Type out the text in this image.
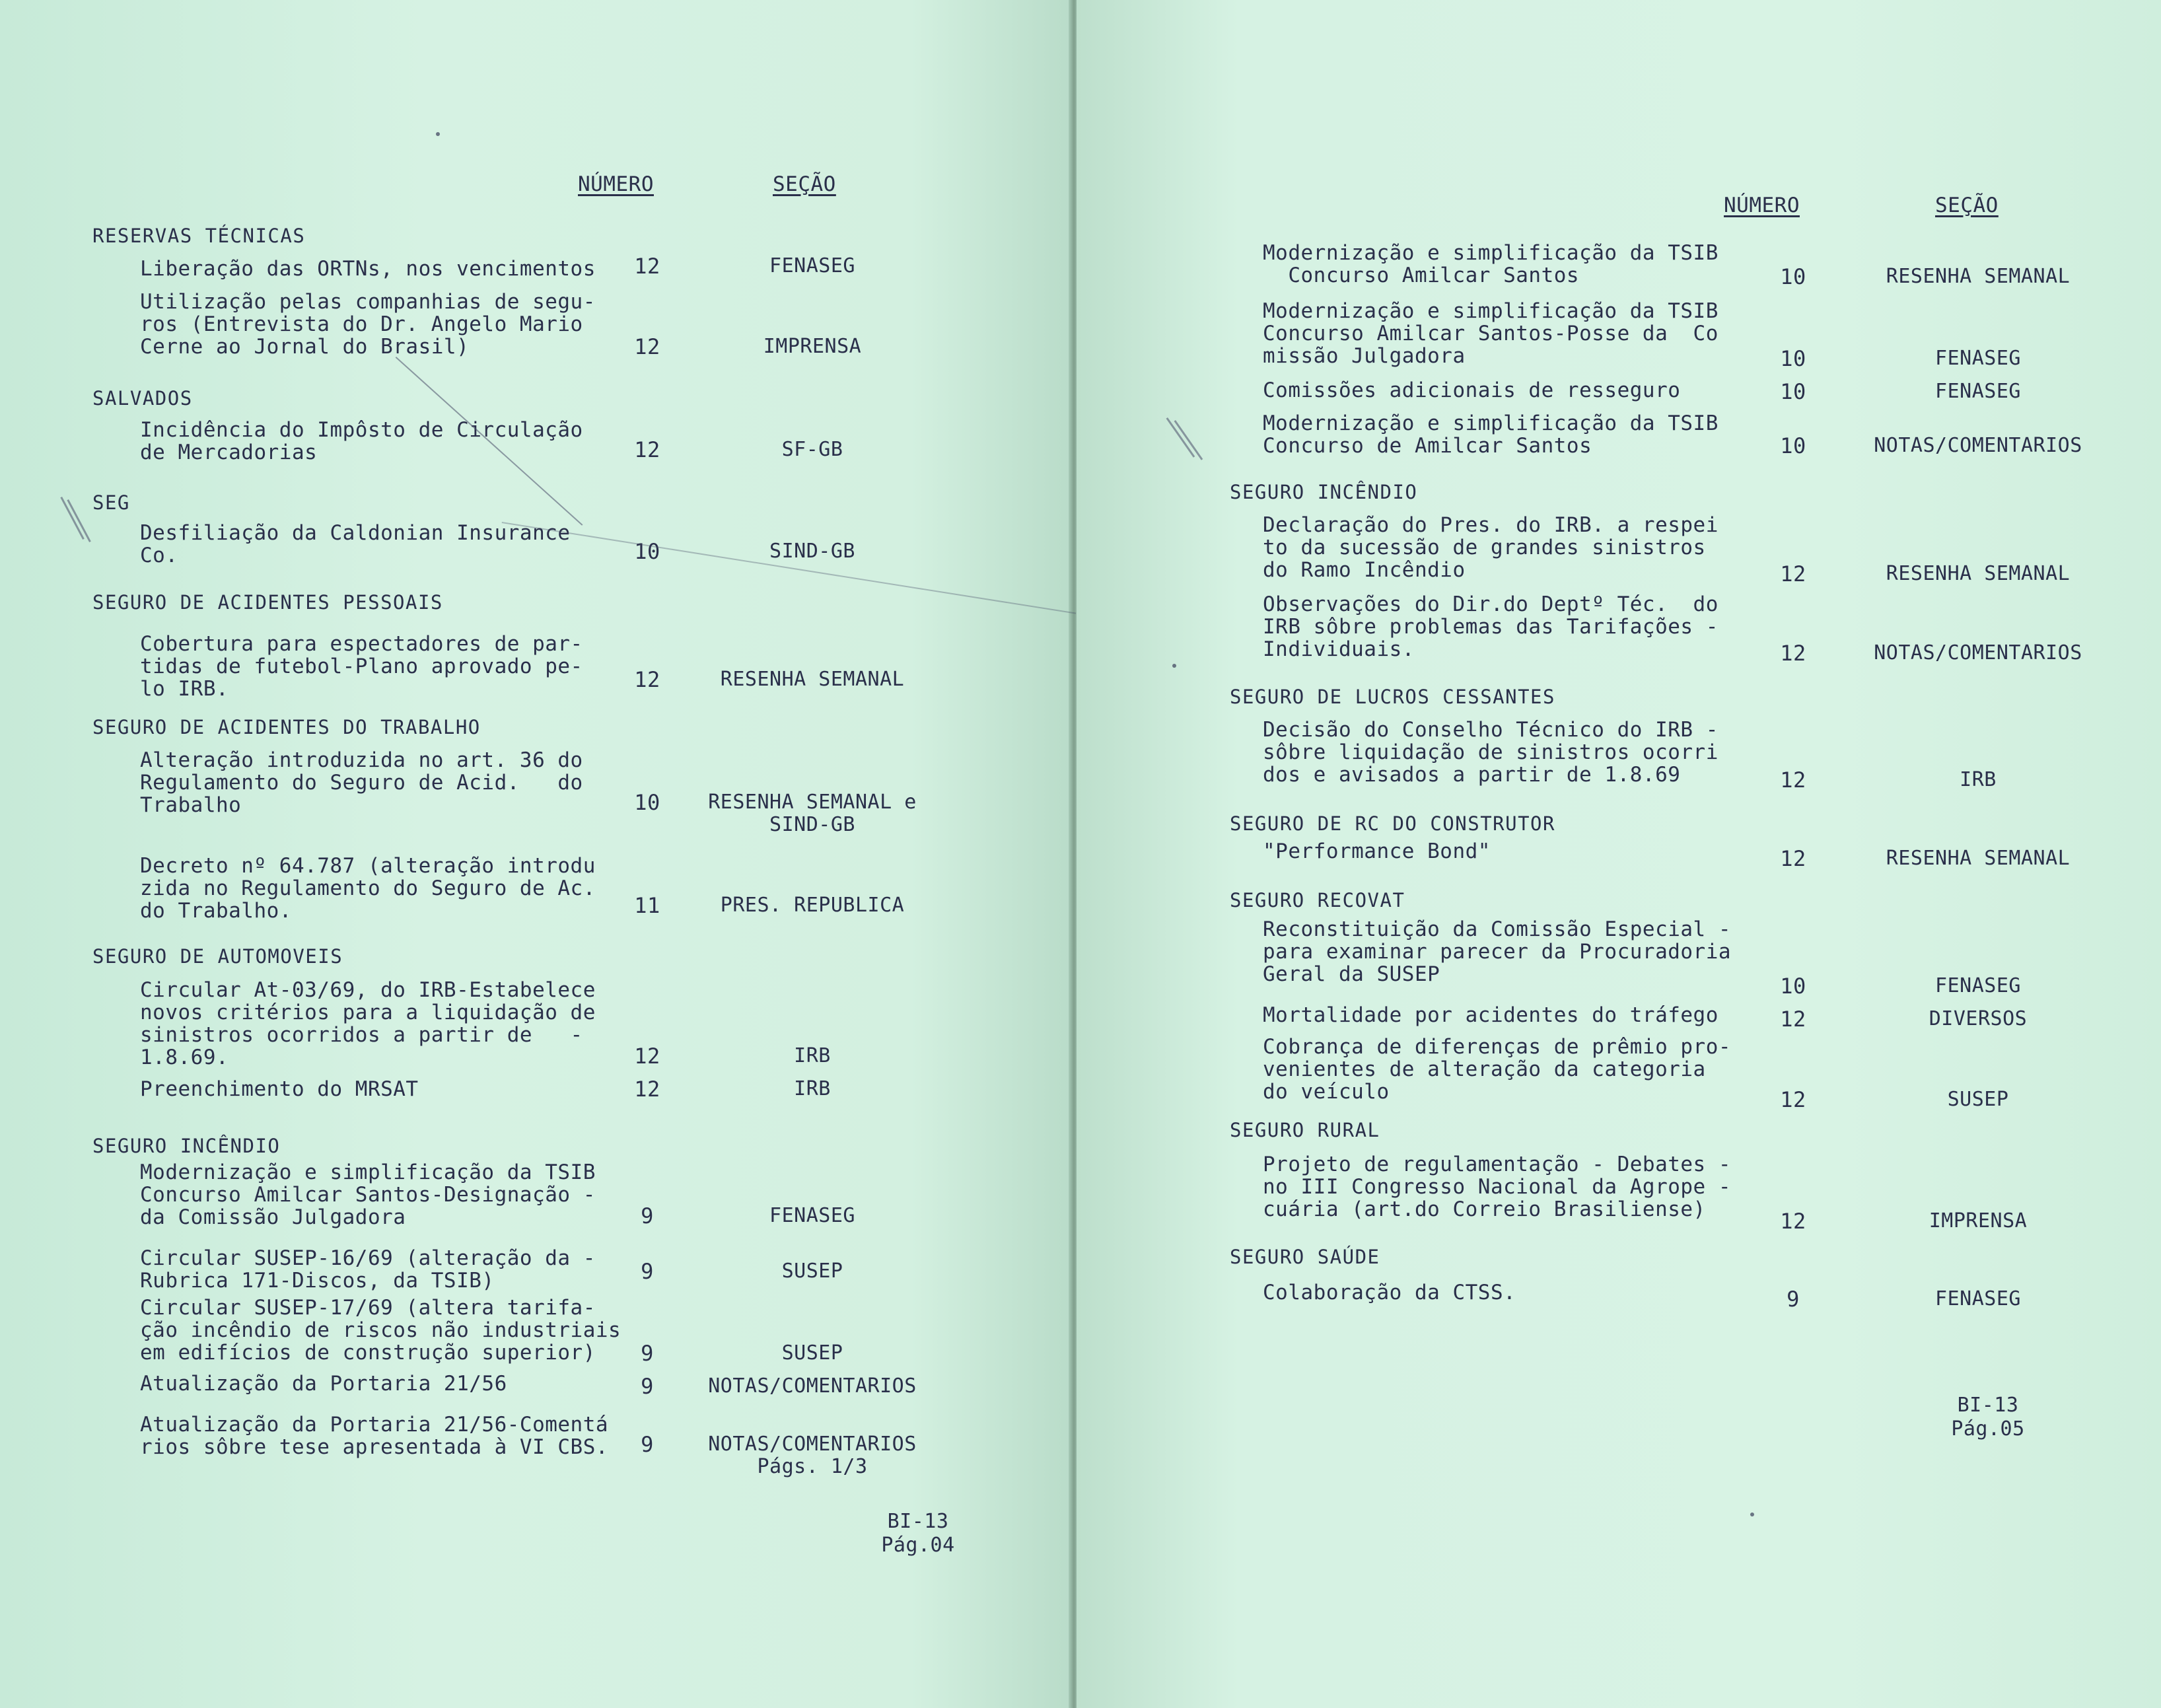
NÚMERO	SEÇÃO
RESERVAS TÉCNICAS
Liberação das ORTNs, nos vencimentos	12	FENASEG
Utilização pelas companhias de segu-
ros (Entrevista do Dr. Angelo Mario
Cerne ao Jornal do Brasil)	12	IMPRENSA
SALVADOS
Incidência do Impôsto de Circulação
de Mercadorias	12	SF-GB
SEG
Desfiliação da Caldonian Insurance
Co.	10	SIND-GB
SEGURO DE ACIDENTES PESSOAIS
Cobertura para espectadores de par-
tidas de futebol-Plano aprovado pe-
lo IRB.	12	RESENHA SEMANAL
SEGURO DE ACIDENTES DO TRABALHO
Alteração introduzida no art. 36 do
Regulamento do Seguro de Acid.   do
Trabalho	10	RESENHA SEMANAL e
SIND-GB
Decreto nº 64.787 (alteração introdu
zida no Regulamento do Seguro de Ac.
do Trabalho.	11	PRES. REPUBLICA
SEGURO DE AUTOMOVEIS
Circular At-03/69, do IRB-Estabelece
novos critérios para a liquidação de
sinistros ocorridos a partir de   -
1.8.69.	12	IRB
Preenchimento do MRSAT	12	IRB
SEGURO INCÊNDIO
Modernização e simplificação da TSIB
Concurso Amilcar Santos-Designação -
da Comissão Julgadora	9	FENASEG
Circular SUSEP-16/69 (alteração da -
Rubrica 171-Discos, da TSIB)	9	SUSEP
Circular SUSEP-17/69 (altera tarifa-
ção incêndio de riscos não industriais
em edifícios de construção superior)	9	SUSEP
Atualização da Portaria 21/56	9	NOTAS/COMENTARIOS
Atualização da Portaria 21/56-Comentá
rios sôbre tese apresentada à VI CBS.	9	NOTAS/COMENTARIOS
Págs. 1/3
BI-13
Pág.04
NÚMERO	SEÇÃO
Modernização e simplificação da TSIB
Concurso Amilcar Santos	10	RESENHA SEMANAL
Modernização e simplificação da TSIB
Concurso Amilcar Santos-Posse da  Co
missão Julgadora	10	FENASEG
Comissões adicionais de resseguro	10	FENASEG
Modernização e simplificação da TSIB
Concurso de Amilcar Santos	10	NOTAS/COMENTARIOS
SEGURO INCÊNDIO
Declaração do Pres. do IRB. a respei
to da sucessão de grandes sinistros
do Ramo Incêndio	12	RESENHA SEMANAL
Observações do Dir.do Deptº Téc.  do
IRB sôbre problemas das Tarifações -
Individuais.	12	NOTAS/COMENTARIOS
SEGURO DE LUCROS CESSANTES
Decisão do Conselho Técnico do IRB -
sôbre liquidação de sinistros ocorri
dos e avisados a partir de 1.8.69	12	IRB
SEGURO DE RC DO CONSTRUTOR
"Performance Bond"	12	RESENHA SEMANAL
SEGURO RECOVAT
Reconstituição da Comissão Especial -
para examinar parecer da Procuradoria
Geral da SUSEP	10	FENASEG
Mortalidade por acidentes do tráfego	12	DIVERSOS
Cobrança de diferenças de prêmio pro-
venientes de alteração da categoria
do veículo	12	SUSEP
SEGURO RURAL
Projeto de regulamentação - Debates -
no III Congresso Nacional da Agrope -
cuária (art.do Correio Brasiliense)	12	IMPRENSA
SEGURO SAÚDE
Colaboração da CTSS.	9	FENASEG
BI-13
Pág.05
